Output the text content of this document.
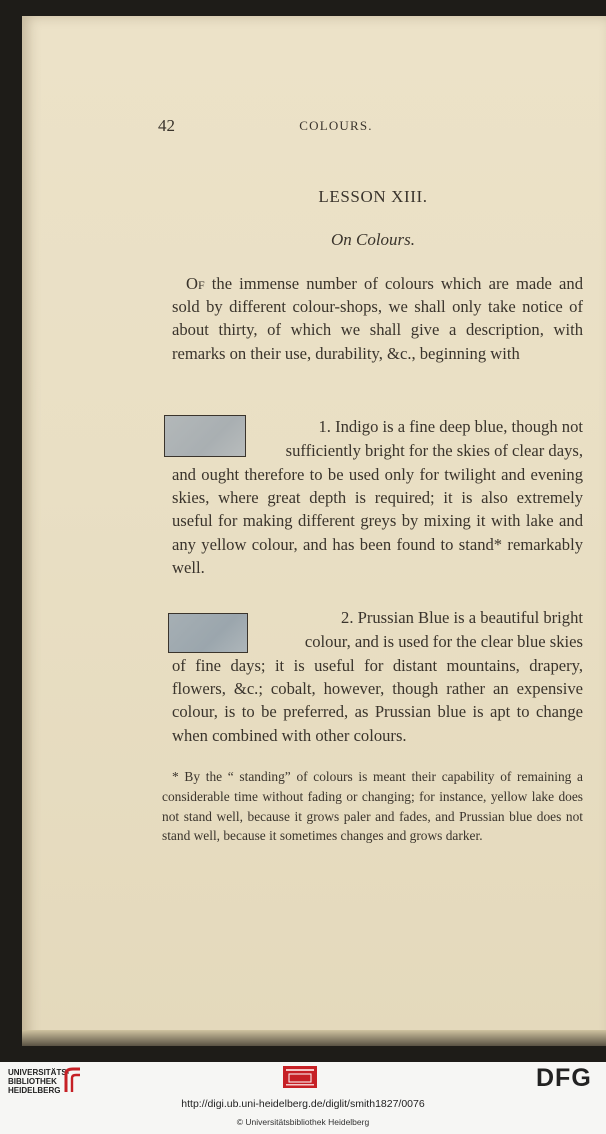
42	COLOURS.
LESSON XIII.
On Colours.
Of the immense number of colours which are made and sold by different colour-shops, we shall only take notice of about thirty, of which we shall give a description, with remarks on their use, durability, &c., beginning with
1. Indigo is a fine deep blue, though not
sufficiently bright for the skies of clear days,
and ought therefore to be used only for twilight and evening skies, where great depth is required; it is also extremely useful for making different greys by mixing it with lake and any yellow colour, and has been found to stand* remarkably well.
2. Prussian Blue is a beautiful bright
colour, and is used for the clear blue skies
of fine days; it is useful for distant mountains, drapery, flowers, &c.; cobalt, however, though rather an expensive colour, is to be preferred, as Prussian blue is apt to change when combined with other colours.
* By the “ standing” of colours is meant their capability of remaining a considerable time without fading or changing; for instance, yellow lake does not stand well, because it grows paler and fades, and Prussian blue does not stand well, because it sometimes changes and grows darker.
UNIVERSITÄTS-
BIBLIOTHEK
HEIDELBERG	DFG
http://digi.ub.uni-heidelberg.de/diglit/smith1827/0076
© Universitätsbibliothek Heidelberg
